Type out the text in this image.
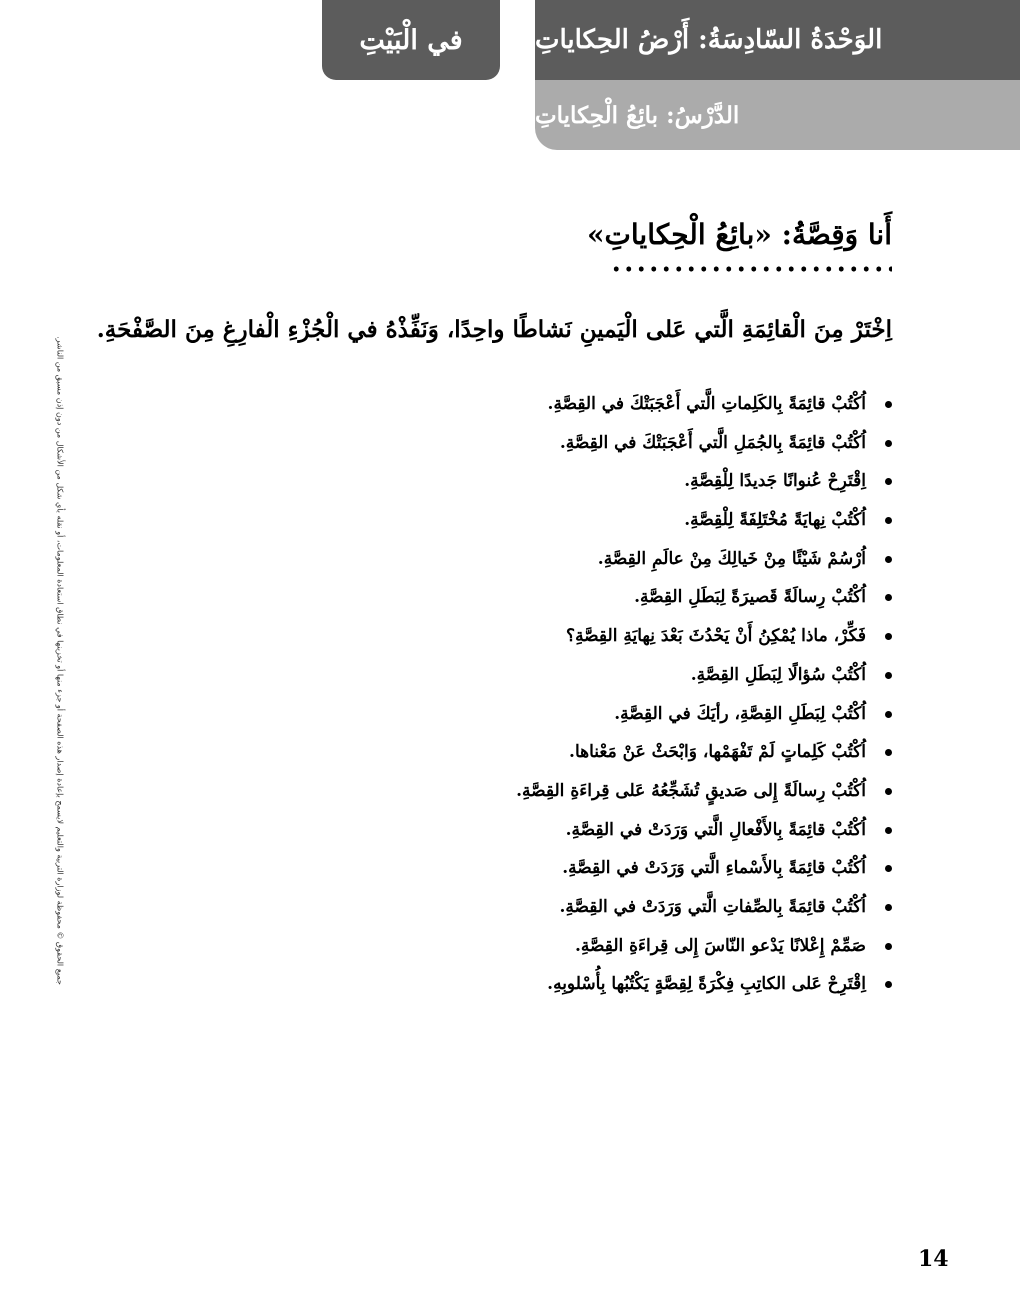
الوَحْدَةُ السّادِسَةُ: أَرْضُ الحِكاياتِ
الدَّرْسُ: بائِعُ الْحِكاياتِ
في الْبَيْتِ
أَنا وَقِصَّةُ: «بائِعُ الْحِكاياتِ»
اِخْتَرْ مِنَ الْقائِمَةِ الَّتي عَلى الْيَمينِ نَشاطًا واحِدًا، وَنَفِّذْهُ في الْجُزْءِ الْفارِغِ مِنَ الصَّفْحَةِ.
جميع الحقوق © محفوظة لوزارة التربية والتعليم لايسمح بإعادة إصدار هذه الصفحة أو جزء منها أو تخزينها في نطاق استعادة المعلومات، أو نقله بأي شكل من الأشكال من دون إذن مسبق من الناشر.	اُكْتُبْ قائِمَةً بِالكَلِماتِ الَّتي أَعْجَبَتْكَ في القِصَّةِ.
اُكْتُبْ قائِمَةً بِالجُمَلِ الَّتي أَعْجَبَتْكَ في القِصَّةِ.
اِقْتَرِحْ عُنوانًا جَديدًا لِلْقِصَّةِ.
اُكْتُبْ نِهايَةً مُخْتَلِفَةً لِلْقِصَّةِ.
اُرْسُمْ شَيْئًا مِنْ خَيالِكَ مِنْ عالَمِ القِصَّةِ.
اُكْتُبْ رِسالَةً قَصيرَةً لِبَطَلِ القِصَّةِ.
فَكِّرْ، ماذا يُمْكِنُ أَنْ يَحْدُثَ بَعْدَ نِهايَةِ القِصَّةِ؟
اُكْتُبْ سُؤالًا لِبَطَلِ القِصَّةِ.
اُكْتُبْ لِبَطَلِ القِصَّةِ، رأيَكَ في القِصَّةِ.
اُكْتُبْ كَلِماتٍ لَمْ تَفْهَمْها، وَابْحَثْ عَنْ مَعْناها.
اُكْتُبْ رِسالَةً إِلى صَديقٍ تُشَجِّعُهُ عَلى قِراءَةِ القِصَّةِ.
اُكْتُبْ قائِمَةً بِالأَفْعالِ الَّتي وَرَدَتْ في القِصَّةِ.
اُكْتُبْ قائِمَةً بِالأَسْماءِ الَّتي وَرَدَتْ في القِصَّةِ.
اُكْتُبْ قائِمَةً بِالصِّفاتِ الَّتي وَرَدَتْ في القِصَّةِ.
صَمِّمْ إِعْلانًا يَدْعو النّاسَ إِلى قِراءَةِ القِصَّةِ.
اِقْتَرِحْ عَلى الكاتِبِ فِكْرَةً لِقِصَّةٍ يَكْتُبُها بِأُسْلوبِهِ.
14
